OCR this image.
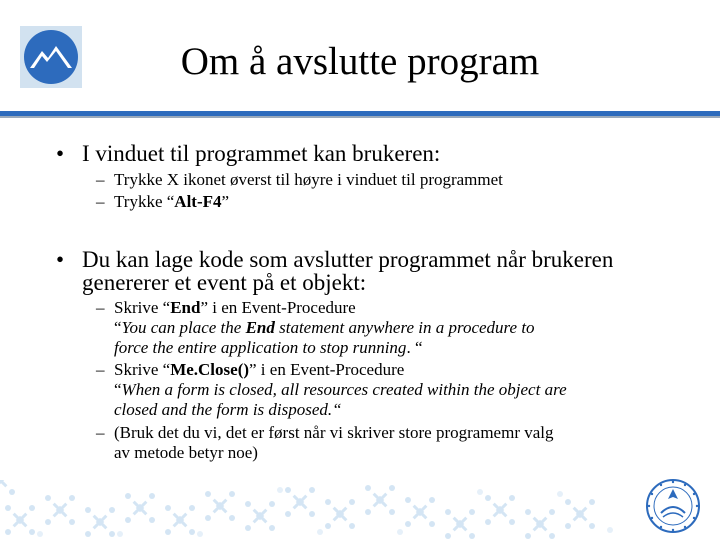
Om å avslutte program
• I vinduet til programmet kan brukeren:
– Trykke X ikonet øverst til høyre i vinduet til programmet
– Trykke “Alt-F4”
• Du kan lage kode som avslutter programmet når brukeren
genererer et event på et objekt:
– Skrive “End” i en Event-Procedure
“You can place the End statement anywhere in a procedure to
force the entire application to stop running. “
– Skrive “Me.Close()” i en Event-Procedure
“When a form is closed, all resources created within the object are
closed and the form is disposed.“
– (Bruk det du vi, det er først når vi skriver store programemr valg
av metode betyr noe)
